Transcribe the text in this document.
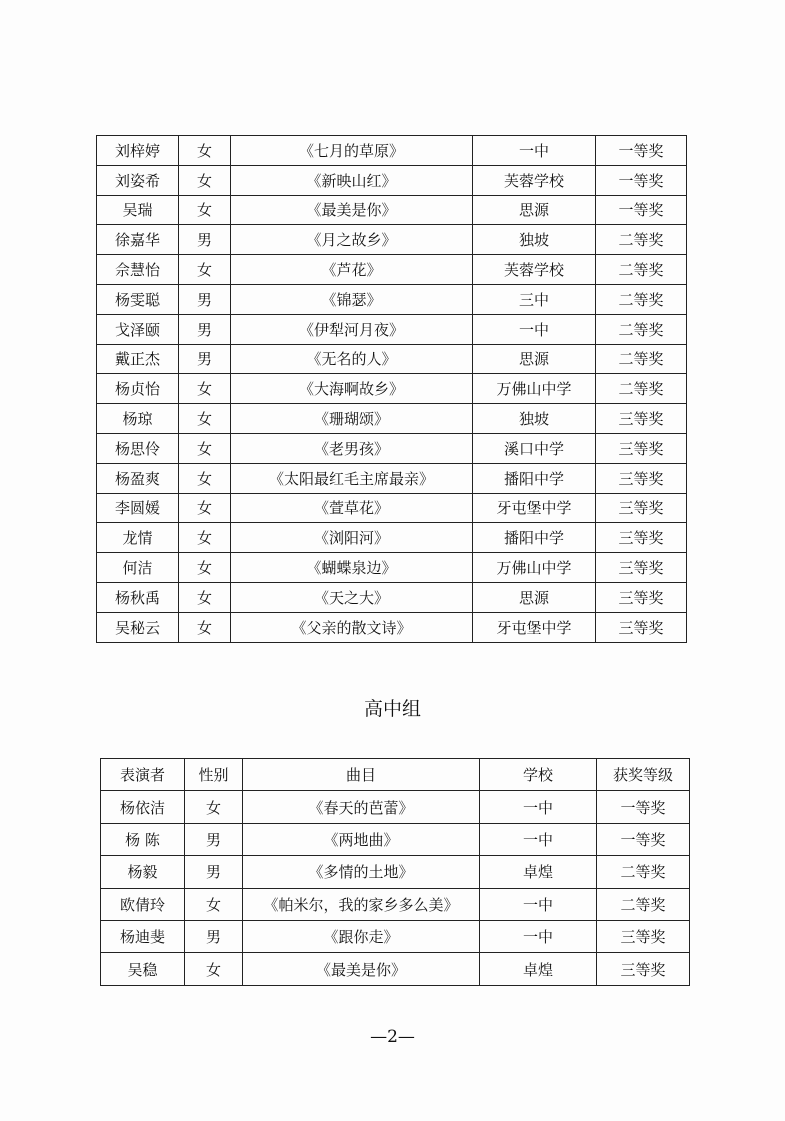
刘梓婷	女	《七月的草原》	一中	一等奖
刘姿希	女	《新映山红》	芙蓉学校	一等奖
吴瑞	女	《最美是你》	思源	一等奖
徐嘉华	男	《月之故乡》	独坡	二等奖
佘慧怡	女	《芦花》	芙蓉学校	二等奖
杨雯聪	男	《锦瑟》	三中	二等奖
戈泽颐	男	《伊犁河月夜》	一中	二等奖
戴正杰	男	《无名的人》	思源	二等奖
杨贞怡	女	《大海啊故乡》	万佛山中学	二等奖
杨琼	女	《珊瑚颂》	独坡	三等奖
杨思伶	女	《老男孩》	溪口中学	三等奖
杨盈爽	女	《太阳最红毛主席最亲》	播阳中学	三等奖
李圆媛	女	《萱草花》	牙屯堡中学	三等奖
龙情	女	《浏阳河》	播阳中学	三等奖
何洁	女	《蝴蝶泉边》	万佛山中学	三等奖
杨秋禹	女	《天之大》	思源	三等奖
吴秘云	女	《父亲的散文诗》	牙屯堡中学	三等奖
高中组
表演者	性别	曲目	学校	获奖等级
杨依洁	女	《春天的芭蕾》	一中	一等奖
杨 陈	男	《两地曲》	一中	一等奖
杨毅	男	《多情的土地》	卓煌	二等奖
欧倩玲	女	《帕米尔，我的家乡多么美》	一中	二等奖
杨迪斐	男	《跟你走》	一中	三等奖
吴稳	女	《最美是你》	卓煌	三等奖
—2—
